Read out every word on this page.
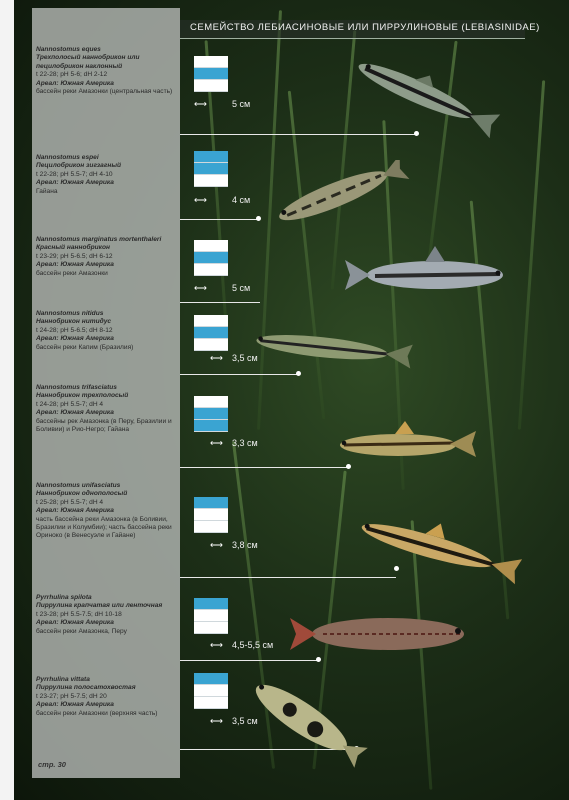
СЕМЕЙСТВО ЛЕБИАСИНОВЫЕ ИЛИ ПИРРУЛИНОВЫЕ (LEBIASINIDAE)
Nannostomus eques
Трехполосый наннобрикон или пецилобрикон наклонный
t 22-28; pH 5-6; dH 2-12
Ареал: Южная Америка
бассейн реки Амазонки (центральная часть)
⟷	5 см
Nannostomus espei
Пецилобрикон зигзагный
t 22-28; pH 5.5-7; dH 4-10
Ареал: Южная Америка
Гайана
⟷	4 см
Nannostomus marginatus mortenthaleri
Красный наннобрикон
t 23-29; pH 5-6.5; dH 6-12
Ареал: Южная Америка
бассейн реки Амазонки
⟷	5 см
Nannostomus nitidus
Наннобрикон нитидус
t 24-28; pH 5-6.5; dH 8-12
Ареал: Южная Америка
бассейн реки Капим (Бразилия)
⟷ 3,5 см
Nannostomus trifasciatus
Наннобрикон трехполосый
t 24-28; pH 5.5-7; dH 4
Ареал: Южная Америка
бассейны рек Амазонка (в Перу, Бразилии и Боливии) и Рио-Негро; Гайана
⟷ 3,3 см
Nannostomus unifasciatus
Наннобрикон однополосый
t 25-28; pH 5.5-7; dH 4
Ареал: Южная Америка
часть бассейна реки Амазонка (в Боливии, Бразилии и Колумбии); часть бассейна реки Ориноко (в Венесуэле и Гайане)
⟷ 3,8 см
Pyrrhulina spilota
Пиррулина крапчатая или ленточная
t 23-28; pH 5.5-7.5; dH 10-18
Ареал: Южная Америка
бассейн реки Амазонка, Перу
⟷ 4,5-5,5 см
Pyrrhulina vittata
Пиррулина полосатохвостая
t 23-27; pH 5-7.5; dH 20
Ареал: Южная Америка
бассейн реки Амазонки (верхняя часть)
⟷ 3,5 см
стр. 30
